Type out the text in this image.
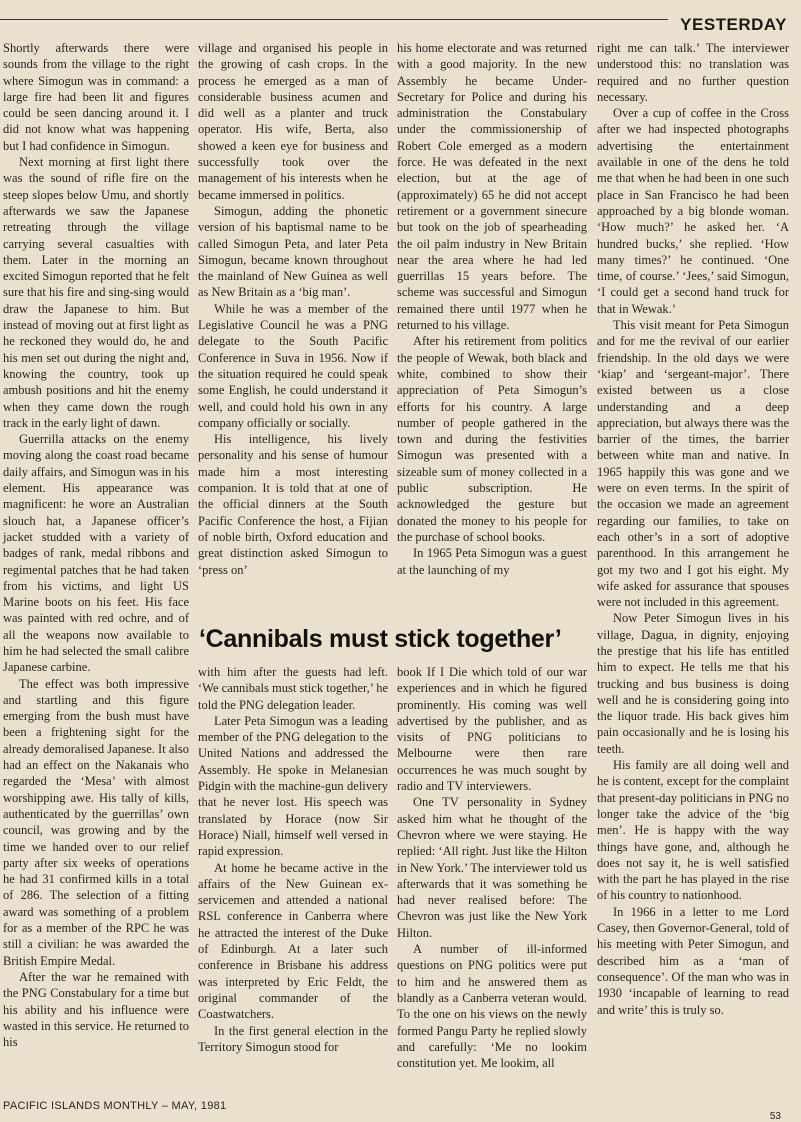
YESTERDAY

Shortly afterwards there were sounds from the village to the right where Simogun was in command: a large fire had been lit and figures could be seen dancing around it. I did not know what was happening but I had confidence in Simogun.

Next morning at first light there was the sound of rifle fire on the steep slopes below Umu, and shortly afterwards we saw the Japanese retreating through the village carrying several casualties with them. Later in the morning an excited Simogun reported that he felt sure that his fire and sing-sing would draw the Japanese to him. But instead of moving out at first light as he reckoned they would do, he and his men set out during the night and, knowing the country, took up ambush positions and hit the enemy when they came down the rough track in the early light of dawn.

Guerrilla attacks on the enemy moving along the coast road became daily affairs, and Simogun was in his element. His appearance was magnificent: he wore an Australian slouch hat, a Japanese officer’s jacket studded with a variety of badges of rank, medal ribbons and regimental patches that he had taken from his victims, and light US Marine boots on his feet. His face was painted with red ochre, and of all the weapons now available to him he had selected the small calibre Japanese carbine.

The effect was both impressive and startling and this figure emerging from the bush must have been a frightening sight for the already demoralised Japanese. It also had an effect on the Nakanais who regarded the ‘Mesa’ with almost worshipping awe. His tally of kills, authenticated by the guerrillas’ own council, was growing and by the time we handed over to our relief party after six weeks of operations he had 31 confirmed kills in a total of 286. The selection of a fitting award was something of a problem for as a member of the RPC he was still a civilian: he was awarded the British Empire Medal.

After the war he remained with the PNG Constabulary for a time but his ability and his influence were wasted in this service. He returned to his

village and organised his people in the growing of cash crops. In the process he emerged as a man of considerable business acumen and did well as a planter and truck operator. His wife, Berta, also showed a keen eye for business and successfully took over the management of his interests when he became immersed in politics.

Simogun, adding the phonetic version of his baptismal name to be called Simogun Peta, and later Peta Simogun, became known throughout the mainland of New Guinea as well as New Britain as a ‘big man’.

While he was a member of the Legislative Council he was a PNG delegate to the South Pacific Conference in Suva in 1956. Now if the situation required he could speak some English, he could understand it well, and could hold his own in any company officially or socially.

His intelligence, his lively personality and his sense of humour made him a most interesting companion. It is told that at one of the official dinners at the South Pacific Conference the host, a Fijian of noble birth, Oxford education and great distinction asked Simogun to ‘press on’

his home electorate and was returned with a good majority. In the new Assembly he became Under-Secretary for Police and during his administration the Constabulary under the commissionership of Robert Cole emerged as a modern force. He was defeated in the next election, but at the age of (approximately) 65 he did not accept retirement or a government sinecure but took on the job of spearheading the oil palm industry in New Britain near the area where he had led guerrillas 15 years before. The scheme was successful and Simogun remained there until 1977 when he returned to his village.

After his retirement from politics the people of Wewak, both black and white, combined to show their appreciation of Peta Simogun’s efforts for his country. A large number of people gathered in the town and during the festivities Simogun was presented with a sizeable sum of money collected in a public subscription. He acknowledged the gesture but donated the money to his people for the purchase of school books.

In 1965 Peta Simogun was a guest at the launching of my

‘Cannibals must stick together’

with him after the guests had left. ‘We cannibals must stick together,’ he told the PNG delegation leader.

Later Peta Simogun was a leading member of the PNG delegation to the United Nations and addressed the Assembly. He spoke in Melanesian Pidgin with the machine-gun delivery that he never lost. His speech was translated by Horace (now Sir Horace) Niall, himself well versed in rapid expression.

At home he became active in the affairs of the New Guinean ex-servicemen and attended a national RSL conference in Canberra where he attracted the interest of the Duke of Edinburgh. At a later such conference in Brisbane his address was interpreted by Eric Feldt, the original commander of the Coastwatchers.

In the first general election in the Territory Simogun stood for

book If I Die which told of our war experiences and in which he figured prominently. His coming was well advertised by the publisher, and as visits of PNG politicians to Melbourne were then rare occurrences he was much sought by radio and TV interviewers.

One TV personality in Sydney asked him what he thought of the Chevron where we were staying. He replied: ‘All right. Just like the Hilton in New York.’ The interviewer told us afterwards that it was something he had never realised before: The Chevron was just like the New York Hilton.

A number of ill-informed questions on PNG politics were put to him and he answered them as blandly as a Canberra veteran would. To the one on his views on the newly formed Pangu Party he replied slowly and carefully: ‘Me no lookim constitution yet. Me lookim, all

right me can talk.’ The interviewer understood this: no translation was required and no further question necessary.

Over a cup of coffee in the Cross after we had inspected photographs advertising the entertainment available in one of the dens he told me that when he had been in one such place in San Francisco he had been approached by a big blonde woman. ‘How much?’ he asked her. ‘A hundred bucks,’ she replied. ‘How many times?’ he continued. ‘One time, of course.’ ‘Jees,’ said Simogun, ‘I could get a second hand truck for that in Wewak.’

This visit meant for Peta Simogun and for me the revival of our earlier friendship. In the old days we were ‘kiap’ and ‘sergeant-major’. There existed between us a close understanding and a deep appreciation, but always there was the barrier of the times, the barrier between white man and native. In 1965 happily this was gone and we were on even terms. In the spirit of the occasion we made an agreement regarding our families, to take on each other’s in a sort of adoptive parenthood. In this arrangement he got my two and I got his eight. My wife asked for assurance that spouses were not included in this agreement.

Now Peter Simogun lives in his village, Dagua, in dignity, enjoying the prestige that his life has entitled him to expect. He tells me that his trucking and bus business is doing well and he is considering going into the liquor trade. His back gives him pain occasionally and he is losing his teeth.

His family are all doing well and he is content, except for the complaint that present-day politicians in PNG no longer take the advice of the ‘big men’. He is happy with the way things have gone, and, although he does not say it, he is well satisfied with the part he has played in the rise of his country to nationhood.

In 1966 in a letter to me Lord Casey, then Governor-General, told of his meeting with Peter Simogun, and described him as a ‘man of consequence’. Of the man who was in 1930 ‘incapable of learning to read and write’ this is truly so.

PACIFIC ISLANDS MONTHLY – MAY, 1981
53
